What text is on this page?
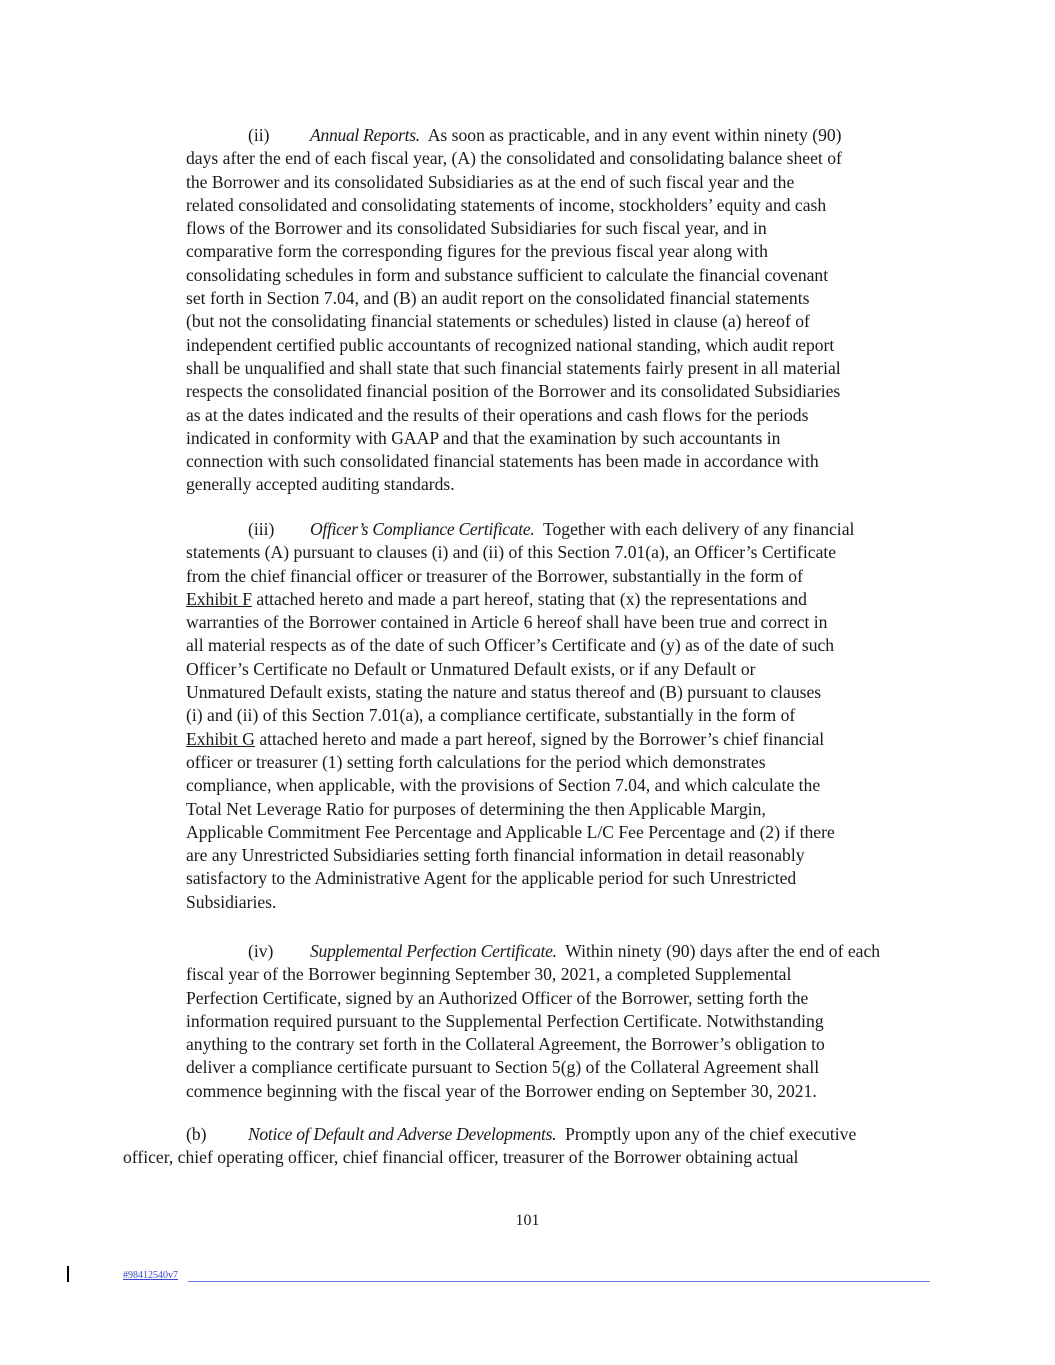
(ii) Annual Reports. As soon as practicable, and in any event within ninety (90)
days after the end of each fiscal year, (A) the consolidated and consolidating balance sheet of
the Borrower and its consolidated Subsidiaries as at the end of such fiscal year and the
related consolidated and consolidating statements of income, stockholders’ equity and cash
flows of the Borrower and its consolidated Subsidiaries for such fiscal year, and in
comparative form the corresponding figures for the previous fiscal year along with
consolidating schedules in form and substance sufficient to calculate the financial covenant
set forth in Section 7.04, and (B) an audit report on the consolidated financial statements
(but not the consolidating financial statements or schedules) listed in clause (a) hereof of
independent certified public accountants of recognized national standing, which audit report
shall be unqualified and shall state that such financial statements fairly present in all material
respects the consolidated financial position of the Borrower and its consolidated Subsidiaries
as at the dates indicated and the results of their operations and cash flows for the periods
indicated in conformity with GAAP and that the examination by such accountants in
connection with such consolidated financial statements has been made in accordance with
generally accepted auditing standards.
(iii) Officer’s Compliance Certificate. Together with each delivery of any financial
statements (A) pursuant to clauses (i) and (ii) of this Section 7.01(a), an Officer’s Certificate
from the chief financial officer or treasurer of the Borrower, substantially in the form of
Exhibit F attached hereto and made a part hereof, stating that (x) the representations and
warranties of the Borrower contained in Article 6 hereof shall have been true and correct in
all material respects as of the date of such Officer’s Certificate and (y) as of the date of such
Officer’s Certificate no Default or Unmatured Default exists, or if any Default or
Unmatured Default exists, stating the nature and status thereof and (B) pursuant to clauses
(i) and (ii) of this Section 7.01(a), a compliance certificate, substantially in the form of
Exhibit G attached hereto and made a part hereof, signed by the Borrower’s chief financial
officer or treasurer (1) setting forth calculations for the period which demonstrates
compliance, when applicable, with the provisions of Section 7.04, and which calculate the
Total Net Leverage Ratio for purposes of determining the then Applicable Margin,
Applicable Commitment Fee Percentage and Applicable L/C Fee Percentage and (2) if there
are any Unrestricted Subsidiaries setting forth financial information in detail reasonably
satisfactory to the Administrative Agent for the applicable period for such Unrestricted
Subsidiaries.
(iv) Supplemental Perfection Certificate. Within ninety (90) days after the end of each
fiscal year of the Borrower beginning September 30, 2021, a completed Supplemental
Perfection Certificate, signed by an Authorized Officer of the Borrower, setting forth the
information required pursuant to the Supplemental Perfection Certificate. Notwithstanding
anything to the contrary set forth in the Collateral Agreement, the Borrower’s obligation to
deliver a compliance certificate pursuant to Section 5(g) of the Collateral Agreement shall
commence beginning with the fiscal year of the Borrower ending on September 30, 2021.
(b) Notice of Default and Adverse Developments. Promptly upon any of the chief executive
officer, chief operating officer, chief financial officer, treasurer of the Borrower obtaining actual
101
#98412540v7
